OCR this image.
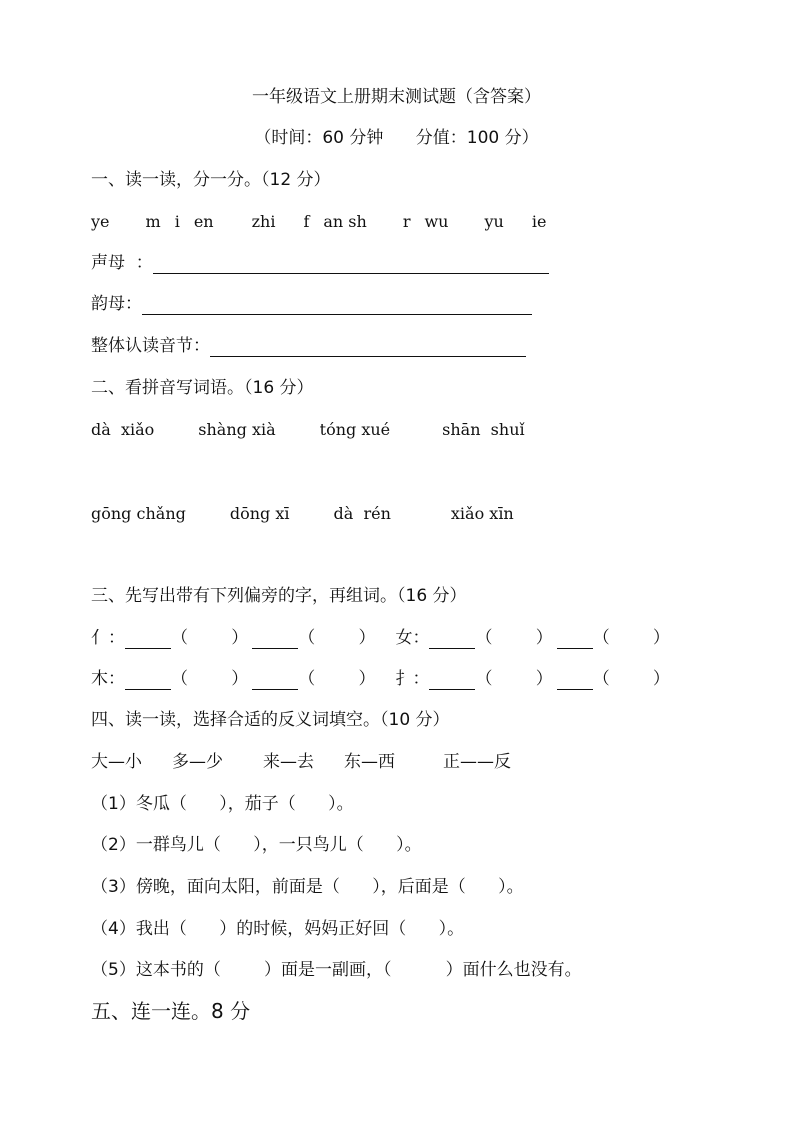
一年级语文上册期末测试题（含答案）
（时间：60 分钟      分值：100 分）
一、读一读，分一分。（12 分）
ye m i en zhi f an sh r wu yu ie
声母  ：
韵母：
整体认读音节：
二、看拼音写词语。（16 分）
dà  xiǎo	shàng xià	tóng xué	shān  shuǐ
gōng chǎng	dōng xī	dà  rén	xiǎo xīn
三、先写出带有下列偏旁的字，再组词。（16 分）
亻：	（        ）	（        ） 女：	（        ） （        ）
木：	（        ）	（        ） 扌：	（        ） （        ）
四、读一读，选择合适的反义词填空。（10 分）
大—小 多—少 来—去 东—西	正——反
（1）冬瓜（      ），茄子（      ）。
（2）一群鸟儿（      ），一只鸟儿（      ）。
（3）傍晚，面向太阳，前面是（      ），后面是（      ）。
（4）我出（      ）的时候，妈妈正好回（      ）。
（5）这本书的（        ）面是一副画，（          ）面什么也没有。
五、连一连。8 分
